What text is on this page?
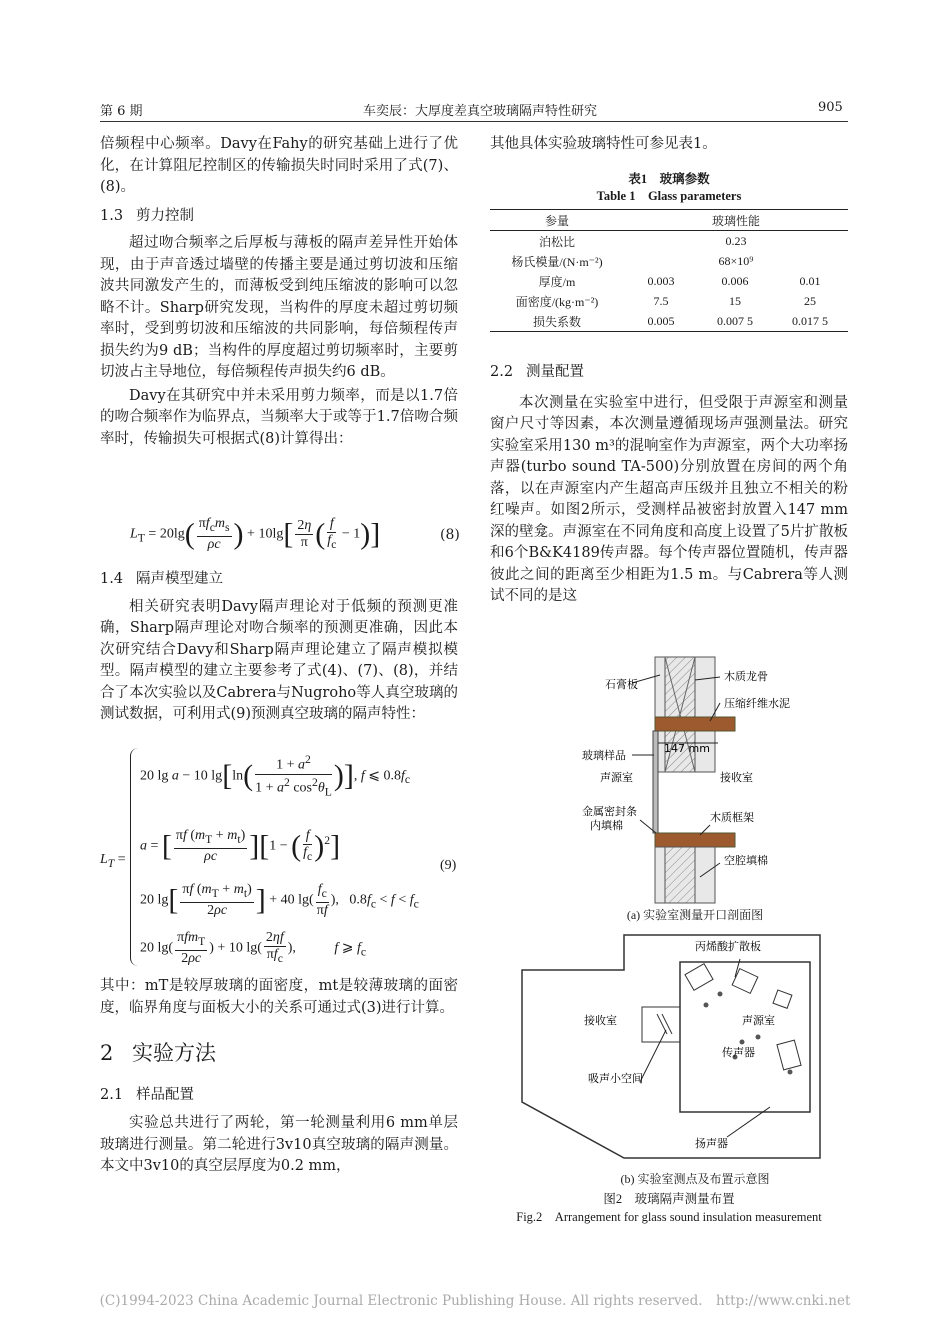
第 6 期	车奕辰：大厚度差真空玻璃隔声特性研究	905

倍频程中心频率。Davy在Fahy的研究基础上进行了优化，在计算阻尼控制区的传输损失时同时采用了式(7)、(8)。

1.3 剪力控制

超过吻合频率之后厚板与薄板的隔声差异性开始体现，由于声音透过墙壁的传播主要是通过剪切波和压缩波共同激发产生的，而薄板受到纯压缩波的影响可以忽略不计。Sharp研究发现，当构件的厚度未超过剪切频率时，受到剪切波和压缩波的共同影响，每倍频程传声损失约为9 dB；当构件的厚度超过剪切频率时，主要剪切波占主导地位，每倍频程传声损失约6 dB。

Davy在其研究中并未采用剪力频率，而是以1.7倍的吻合频率作为临界点，当频率大于或等于1.7倍吻合频率时，传输损失可根据式(8)计算得出：

$L_T = 20\lg( \frac{\pi f_cm_s}{\rho c}$ ) + $10\lg[ \frac{2\eta}{\pi}$ ( $\frac{f}{f_c} - 1$)]	(8)

1.4 隔声模型建立

相关研究表明Davy隔声理论对于低频的预测更准确，Sharp隔声理论对吻合频率的预测更准确，因此本次研究结合Davy和Sharp隔声理论建立了隔声模拟模型。隔声模型的建立主要参考了式(4)、(7)、(8)，并结合了本次实验以及Cabrera与Nugroho等人真空玻璃的测试数据，可利用式(9)预测真空玻璃的隔声特性：

$L_T$ =
20 lg a − 10 $\lg[\ln( \frac{1 + a^2}{1 + a^2 \cos^2\theta_L}$ )], f ⩽ $0.8f_c$
a = [ $\frac{\pi f (m_T + m_t)}{\rho c} ][1$ − ( $\frac{f}{f_c} )^2$]
20 $\lg[ \frac{\pi f (m_T + m_t)}{2\rho c}$ ] + 40 $\lg( \frac{f_c}{\pi f}$ ),   $0.8f_c < f < f_c$
20 $\lg( \frac{\pi fm_T}{2\rho c}$ ) + 10 $\lg( \frac{2\eta f}{\pi f_c}$ ),           f ⩾ $f_c$
(9)

其中：mT是较厚玻璃的面密度，mt是较薄玻璃的面密度，临界角度与面板大小的关系可通过式(3)进行计算。

2 实验方法

2.1 样品配置

实验总共进行了两轮，第一轮测量利用6 mm单层玻璃进行测量。第二轮进行3v10真空玻璃的隔声测量。本文中3v10的真空层厚度为0.2 mm，

其他具体实验玻璃特性可参见表1。

表1　玻璃参数
Table 1　Glass parameters
参量	玻璃性能		
泊松比	0.23		
杨氏模量/(N·m⁻²)	68×10⁹		
厚度/m	0.003	0.006	0.01
面密度/(kg·m⁻²)	7.5	15	25
损失系数	0.005	0.007 5	0.017 5

2.2 测量配置

本次测量在实验室中进行，但受限于声源室和测量窗户尺寸等因素，本次测量遵循现场声强测量法。研究实验室采用130 m³的混响室作为声源室，两个大功率扬声器(turbo sound TA-500)分别放置在房间的两个角落，以在声源室内产生超高声压级并且独立不相关的粉红噪声。如图2所示，受测样品被密封放置入147 mm深的壁龛。声源室在不同角度和高度上设置了5片扩散板和6个B&K4189传声器。每个传声器位置随机，传声器彼此之间的距离至少相距为1.5 m。与Cabrera等人测试不同的是这

石膏板
木质龙骨
压缩纤维水泥
147 mm
玻璃样品
声源室	接收室
金属密封条
内填棉
木质框架
空腔填棉
(a) 实验室测量开口剖面图
丙烯酸扩散板
接收室	声源室
传声器
吸声小空间
扬声器
(b) 实验室测点及布置示意图
图2　玻璃隔声测量布置
Fig.2　Arrangement for glass sound insulation measurement
(C)1994-2023 China Academic Journal Electronic Publishing House. All rights reserved.　http://www.cnki.net
